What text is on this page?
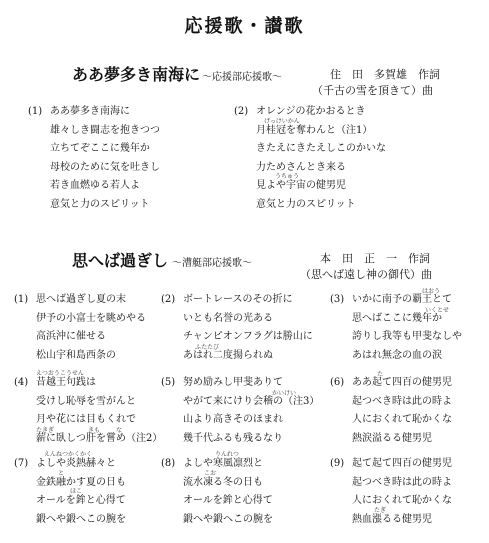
応援歌・讃歌
ああ夢多き南海に ～応援部応援歌～	住　田　多賀雄　作詞
（千古の雪を頂きて）曲
(1) ああ夢多き南海に
雄々しき闘志を抱きつつ
立ちてぞここに幾年か
母校のために気を吐きし
若き血燃ゆる若人よ
意気と力のスピリット
(2) オレンジの花かおるとき
月桂冠を奪わんと（注1）
きたえにきたえしこのかいな
力ためさんとき来る
見よや宇宙の健男児
意気と力のスピリット
げっけいかん
うちゅう
思へば過ぎし ～漕艇部応援歌～	本　田　正　一　作詞
（思へば遠し神の御代）曲
(1) 思へば過ぎし夏の末
伊予の小富士を眺めやる
高浜沖に催せる
松山宇和島西条の
(2) ボートレースのその折に
いとも名誉の光ある
チャンピオンフラグは勝山に
あはれ二度揚られぬ
(3) いかに南予の覇王とて
思へばここに幾年か
誇りし我等も甲斐なしや
あはれ無念の血の涙
はおう
いくとせ
ふたたび
(4) 昔越王句践は
受けし恥辱を雪がんと
月や花には目もくれで
薪に臥しつ肝を嘗め（注2）
(5) 努め励みし甲斐ありて
やがて来にけり会稽の（注3）
山より高きそのほまれ
幾千代ふるも残るなり
(6) ああ起て四百の健男児
起つべき時は此の時よ
人におくれて恥かくな
熱涙溢るる健男児
えつおうこうせん
たきぎ	きも	な
かいけい
た
(7) よしや炎熱赫々と
金鉄融かす夏の日も
オールを鉾と心得て
鍛へや鍛へこの腕を
(8) よしや寒風凛烈と
流水凍る冬の日も
オールを鉾と心得て
鍛へや鍛へこの腕を
(9) 起て起て四百の健男児
起つべき時は此の時よ
人におくれて恥かくな
熱血漲るる健男児
えんねつかくかく
と
ほこ
りんれつ
こお
たぎ
